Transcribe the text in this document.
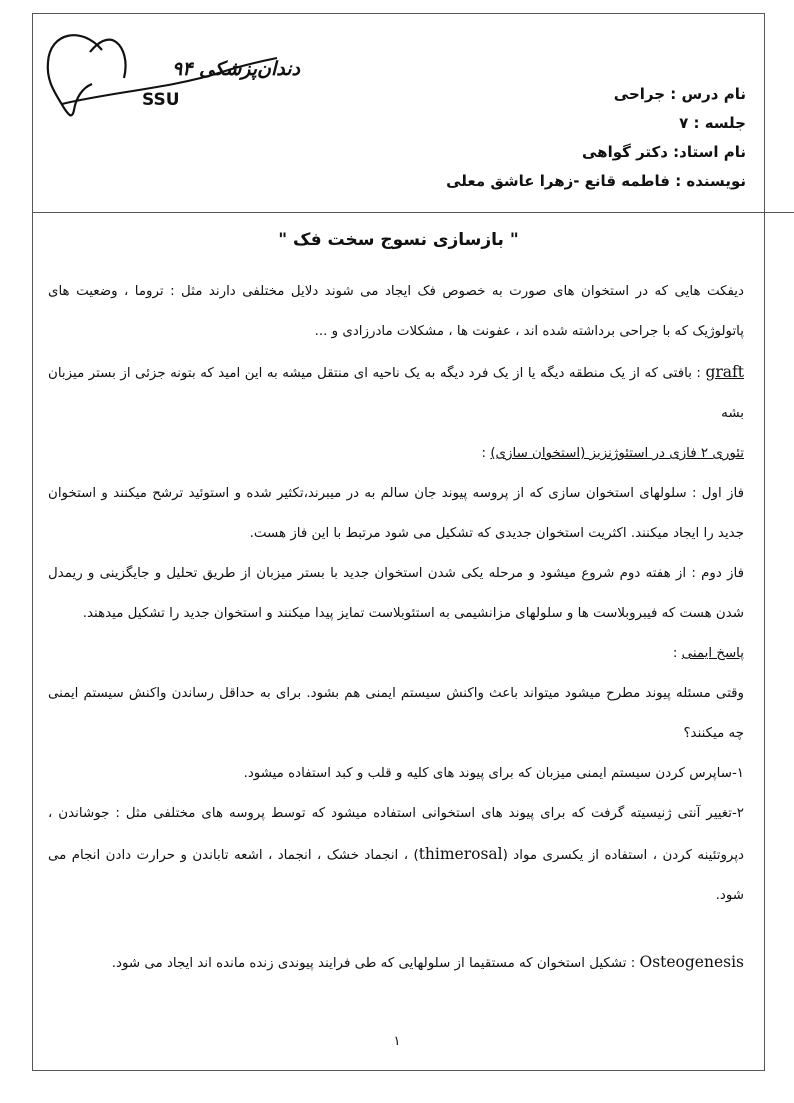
دندان‌پزشکی ۹۴
SSU	نام درس : جراحی
جلسه : ۷
نام استاد: دکتر گواهی
نویسنده : فاطمه قانع -زهرا عاشق معلی
" بازسازی نسوج سخت فک "

دیفکت هایی که در استخوان های صورت به خصوص فک ایجاد می شوند دلایل مختلفی دارند مثل : تروما ، وضعیت های پاتولوژیک که با جراحی برداشته شده اند ، عفونت ها ، مشکلات مادرزادی و ...

graft : بافتی که از یک منطقه دیگه یا از یک فرد دیگه به یک ناحیه ای منتقل میشه به این امید که بتونه جزئی از بستر میزبان بشه

تئوری ۲ فازی در استئوژنزیز (استخوان سازی) :

فاز اول : سلولهای استخوان سازی که از پروسه پیوند جان سالم به در میبرند،تکثیر شده و استوئید ترشح میکنند و استخوان جدید را ایجاد میکنند. اکثریت استخوان جدیدی که تشکیل می شود مرتبط با این فاز هست.

فاز دوم : از هفته دوم شروع میشود و مرحله یکی شدن استخوان جدید با بستر میزبان از طریق تحلیل و جایگزینی و ریمدل شدن هست که فیبروبلاست ها و سلولهای مزانشیمی به استئوبلاست تمایز پیدا میکنند و استخوان جدید را تشکیل میدهند.

پاسخ ایمنی :

وقتی مسئله پیوند مطرح میشود میتواند باعث واکنش سیستم ایمنی هم بشود. برای به حداقل رساندن واکنش سیستم ایمنی چه میکنند؟

۱-ساپرس کردن سیستم ایمنی میزبان که برای پیوند های کلیه و قلب و کبد استفاده میشود.

۲-تغییر آنتی ژنیسیته گرفت که برای پیوند های استخوانی استفاده میشود که توسط پروسه های مختلفی مثل : جوشاندن ، دپروتئینه کردن ، استفاده از یکسری مواد (thimerosal) ، انجماد خشک ، انجماد ، اشعه تاباندن و حرارت دادن انجام می شود.

Osteogenesis : تشکیل استخوان که مستقیما از سلولهایی که طی فرایند پیوندی زنده مانده اند ایجاد می شود.

۱
